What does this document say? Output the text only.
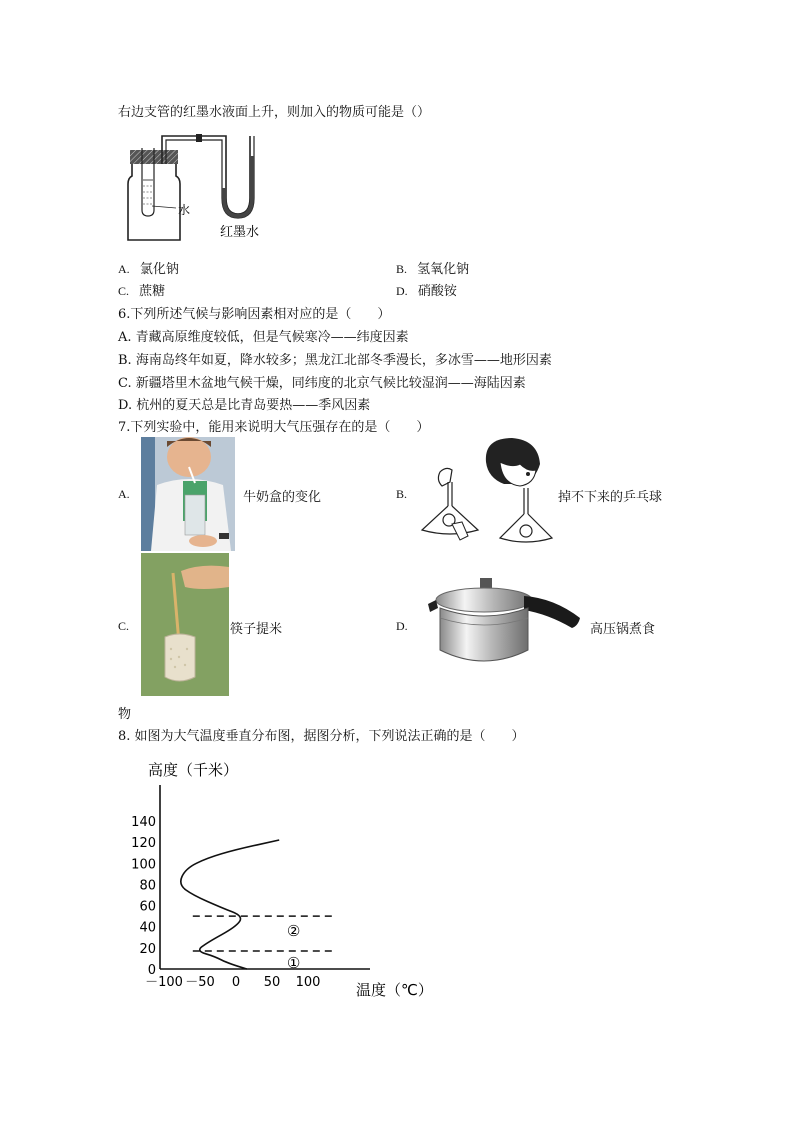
右边支管的红墨水液面上升，则加入的物质可能是（）
水
红墨水
A. 氯化钠	B. 氢氧化钠
C. 蔗糖	D. 硝酸铵
6.下列所述气候与影响因素相对应的是（　　）
A. 青藏高原维度较低，但是气候寒冷——纬度因素
B. 海南岛终年如夏，降水较多；黑龙江北部冬季漫长，多冰雪——地形因素
C. 新疆塔里木盆地气候干燥，同纬度的北京气候比较湿润——海陆因素
D. 杭州的夏天总是比青岛要热——季风因素
7.下列实验中，能用来说明大气压强存在的是（　　）
A.	牛奶盒的变化	B.	掉不下来的乒乓球
C.	筷子提米	D.	高压锅煮食
物
8. 如图为大气温度垂直分布图，据图分析，下列说法正确的是（　　）
0
20
40
60
80
100
120
140
－100 －50 0 50 100
高度（千米）
温度（℃）
①
②
